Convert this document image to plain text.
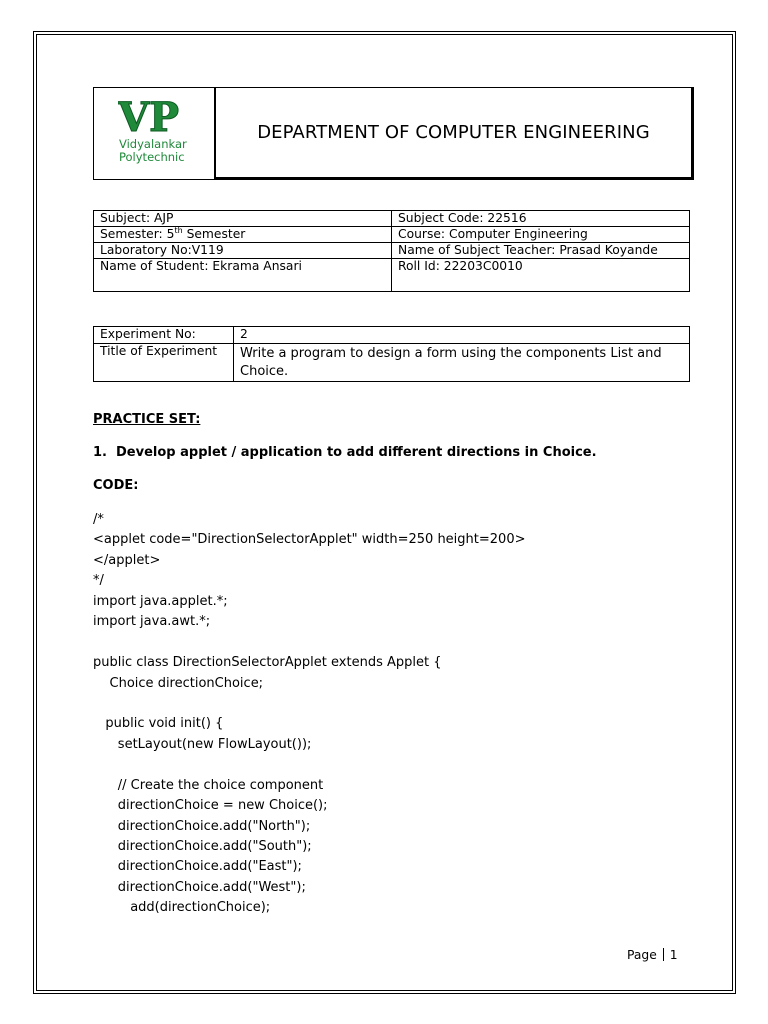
VP
Vidyalankar
Polytechnic
DEPARTMENT OF COMPUTER ENGINEERING
Subject: AJP	Subject Code: 22516
Semester: 5th Semester	Course: Computer Engineering
Laboratory No:V119	Name of Subject Teacher: Prasad Koyande
Name of Student: Ekrama Ansari	Roll Id: 22203C0010
Experiment No:	2
Title of Experiment	Write a program to design a form using the components List and Choice.
PRACTICE SET:
1. Develop applet / application to add different directions in Choice.
CODE:
/*
<applet code="DirectionSelectorApplet" width=250 height=200>
</applet>
*/
import java.applet.*;
import java.awt.*;
public class DirectionSelectorApplet extends Applet {
Choice directionChoice;
public void init() {
setLayout(new FlowLayout());
// Create the choice component
directionChoice = new Choice();
directionChoice.add("North");
directionChoice.add("South");
directionChoice.add("East");
directionChoice.add("West");
add(directionChoice);
Page 1
